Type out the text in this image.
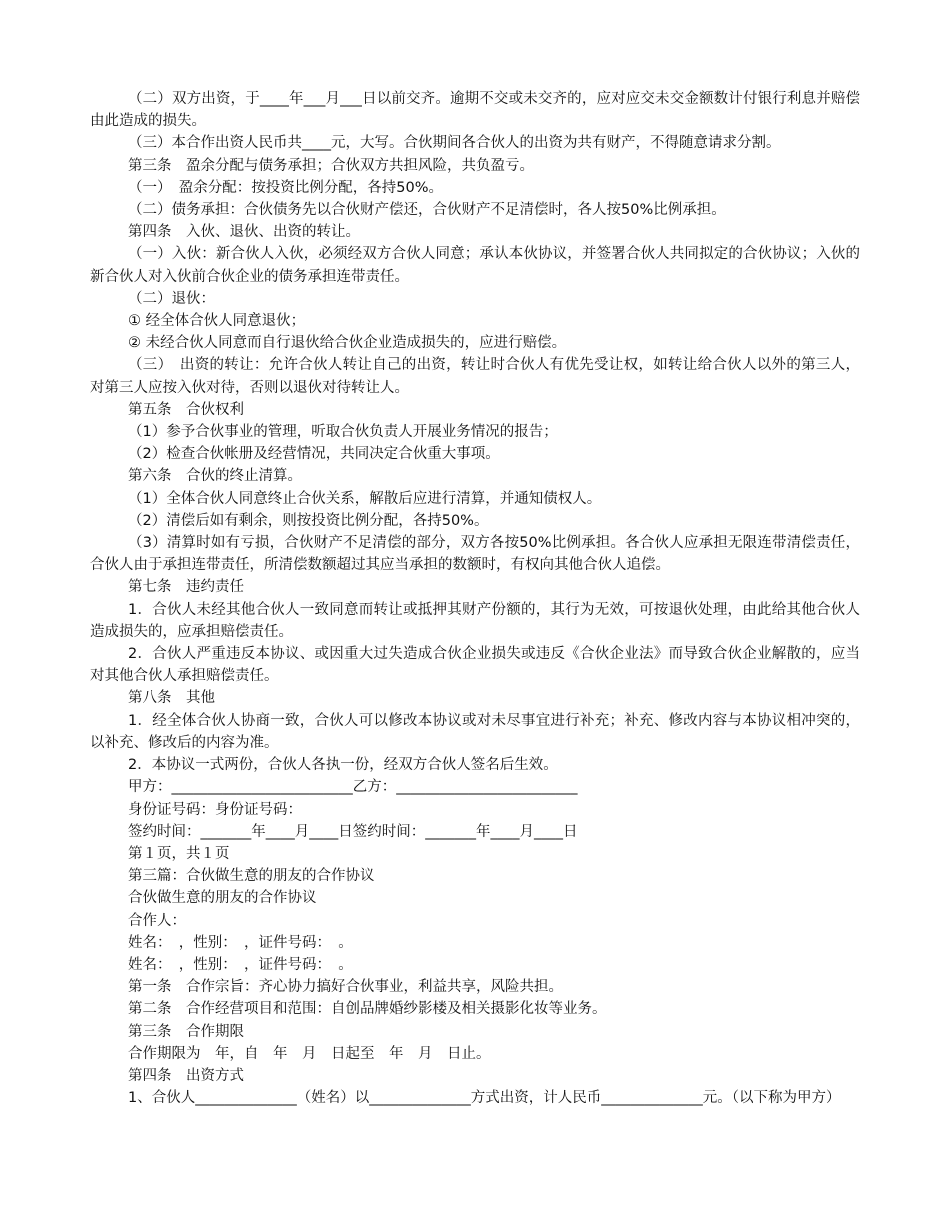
（二）双方出资，于____年___月___日以前交齐。逾期不交或未交齐的，应对应交未交金额数计付银行利息并赔偿由此造成的损失。

（三）本合作出资人民币共____元，大写。合伙期间各合伙人的出资为共有财产，不得随意请求分割。

第三条　盈余分配与债务承担；合伙双方共担风险，共负盈亏。

（一）　盈余分配：按投资比例分配，各持50%。

（二）债务承担：合伙债务先以合伙财产偿还，合伙财产不足清偿时，各人按50%比例承担。

第四条　入伙、退伙、出资的转让。

（一）入伙：新合伙人入伙，必须经双方合伙人同意；承认本伙协议，并签署合伙人共同拟定的合伙协议；入伙的新合伙人对入伙前合伙企业的债务承担连带责任。

（二）退伙：

① 经全体合伙人同意退伙；

② 未经合伙人同意而自行退伙给合伙企业造成损失的，应进行赔偿。

（三）　出资的转让：允许合伙人转让自己的出资，转让时合伙人有优先受让权，如转让给合伙人以外的第三人，对第三人应按入伙对待，否则以退伙对待转让人。

第五条　合伙权利

（1）参予合伙事业的管理，听取合伙负责人开展业务情况的报告；

（2）检查合伙帐册及经营情况，共同决定合伙重大事项。

第六条　合伙的终止清算。

（1）全体合伙人同意终止合伙关系，解散后应进行清算，并通知债权人。

（2）清偿后如有剩余，则按投资比例分配，各持50%。

（3）清算时如有亏损，合伙财产不足清偿的部分，双方各按50%比例承担。各合伙人应承担无限连带清偿责任，合伙人由于承担连带责任，所清偿数额超过其应当承担的数额时，有权向其他合伙人追偿。

第七条　违约责任

1．合伙人未经其他合伙人一致同意而转让或抵押其财产份额的，其行为无效，可按退伙处理，由此给其他合伙人造成损失的，应承担赔偿责任。

2．合伙人严重违反本协议、或因重大过失造成合伙企业损失或违反《合伙企业法》而导致合伙企业解散的，应当对其他合伙人承担赔偿责任。

第八条　其他

1．经全体合伙人协商一致，合伙人可以修改本协议或对未尽事宜进行补充；补充、修改内容与本协议相冲突的，以补充、修改后的内容为准。

2．本协议一式两份，合伙人各执一份，经双方合伙人签名后生效。

甲方：_________________________乙方：_________________________

身份证号码：身份证号码：

签约时间：_______年____月____日签约时间：_______年____月____日

第１页，共１页

第三篇：合伙做生意的朋友的合作协议

合伙做生意的朋友的合作协议

合作人：

姓名：　，性别：　，证件号码：　。

姓名：　，性别：　，证件号码：　。

第一条　合作宗旨：齐心协力搞好合伙事业，利益共享，风险共担。

第二条　合作经营项目和范围：自创品牌婚纱影楼及相关摄影化妆等业务。

第三条　合作期限

合作期限为　年，自　年　月　日起至　年　月　日止。

第四条　出资方式

1、合伙人______________（姓名）以______________方式出资，计人民币______________元。（以下称为甲方）
